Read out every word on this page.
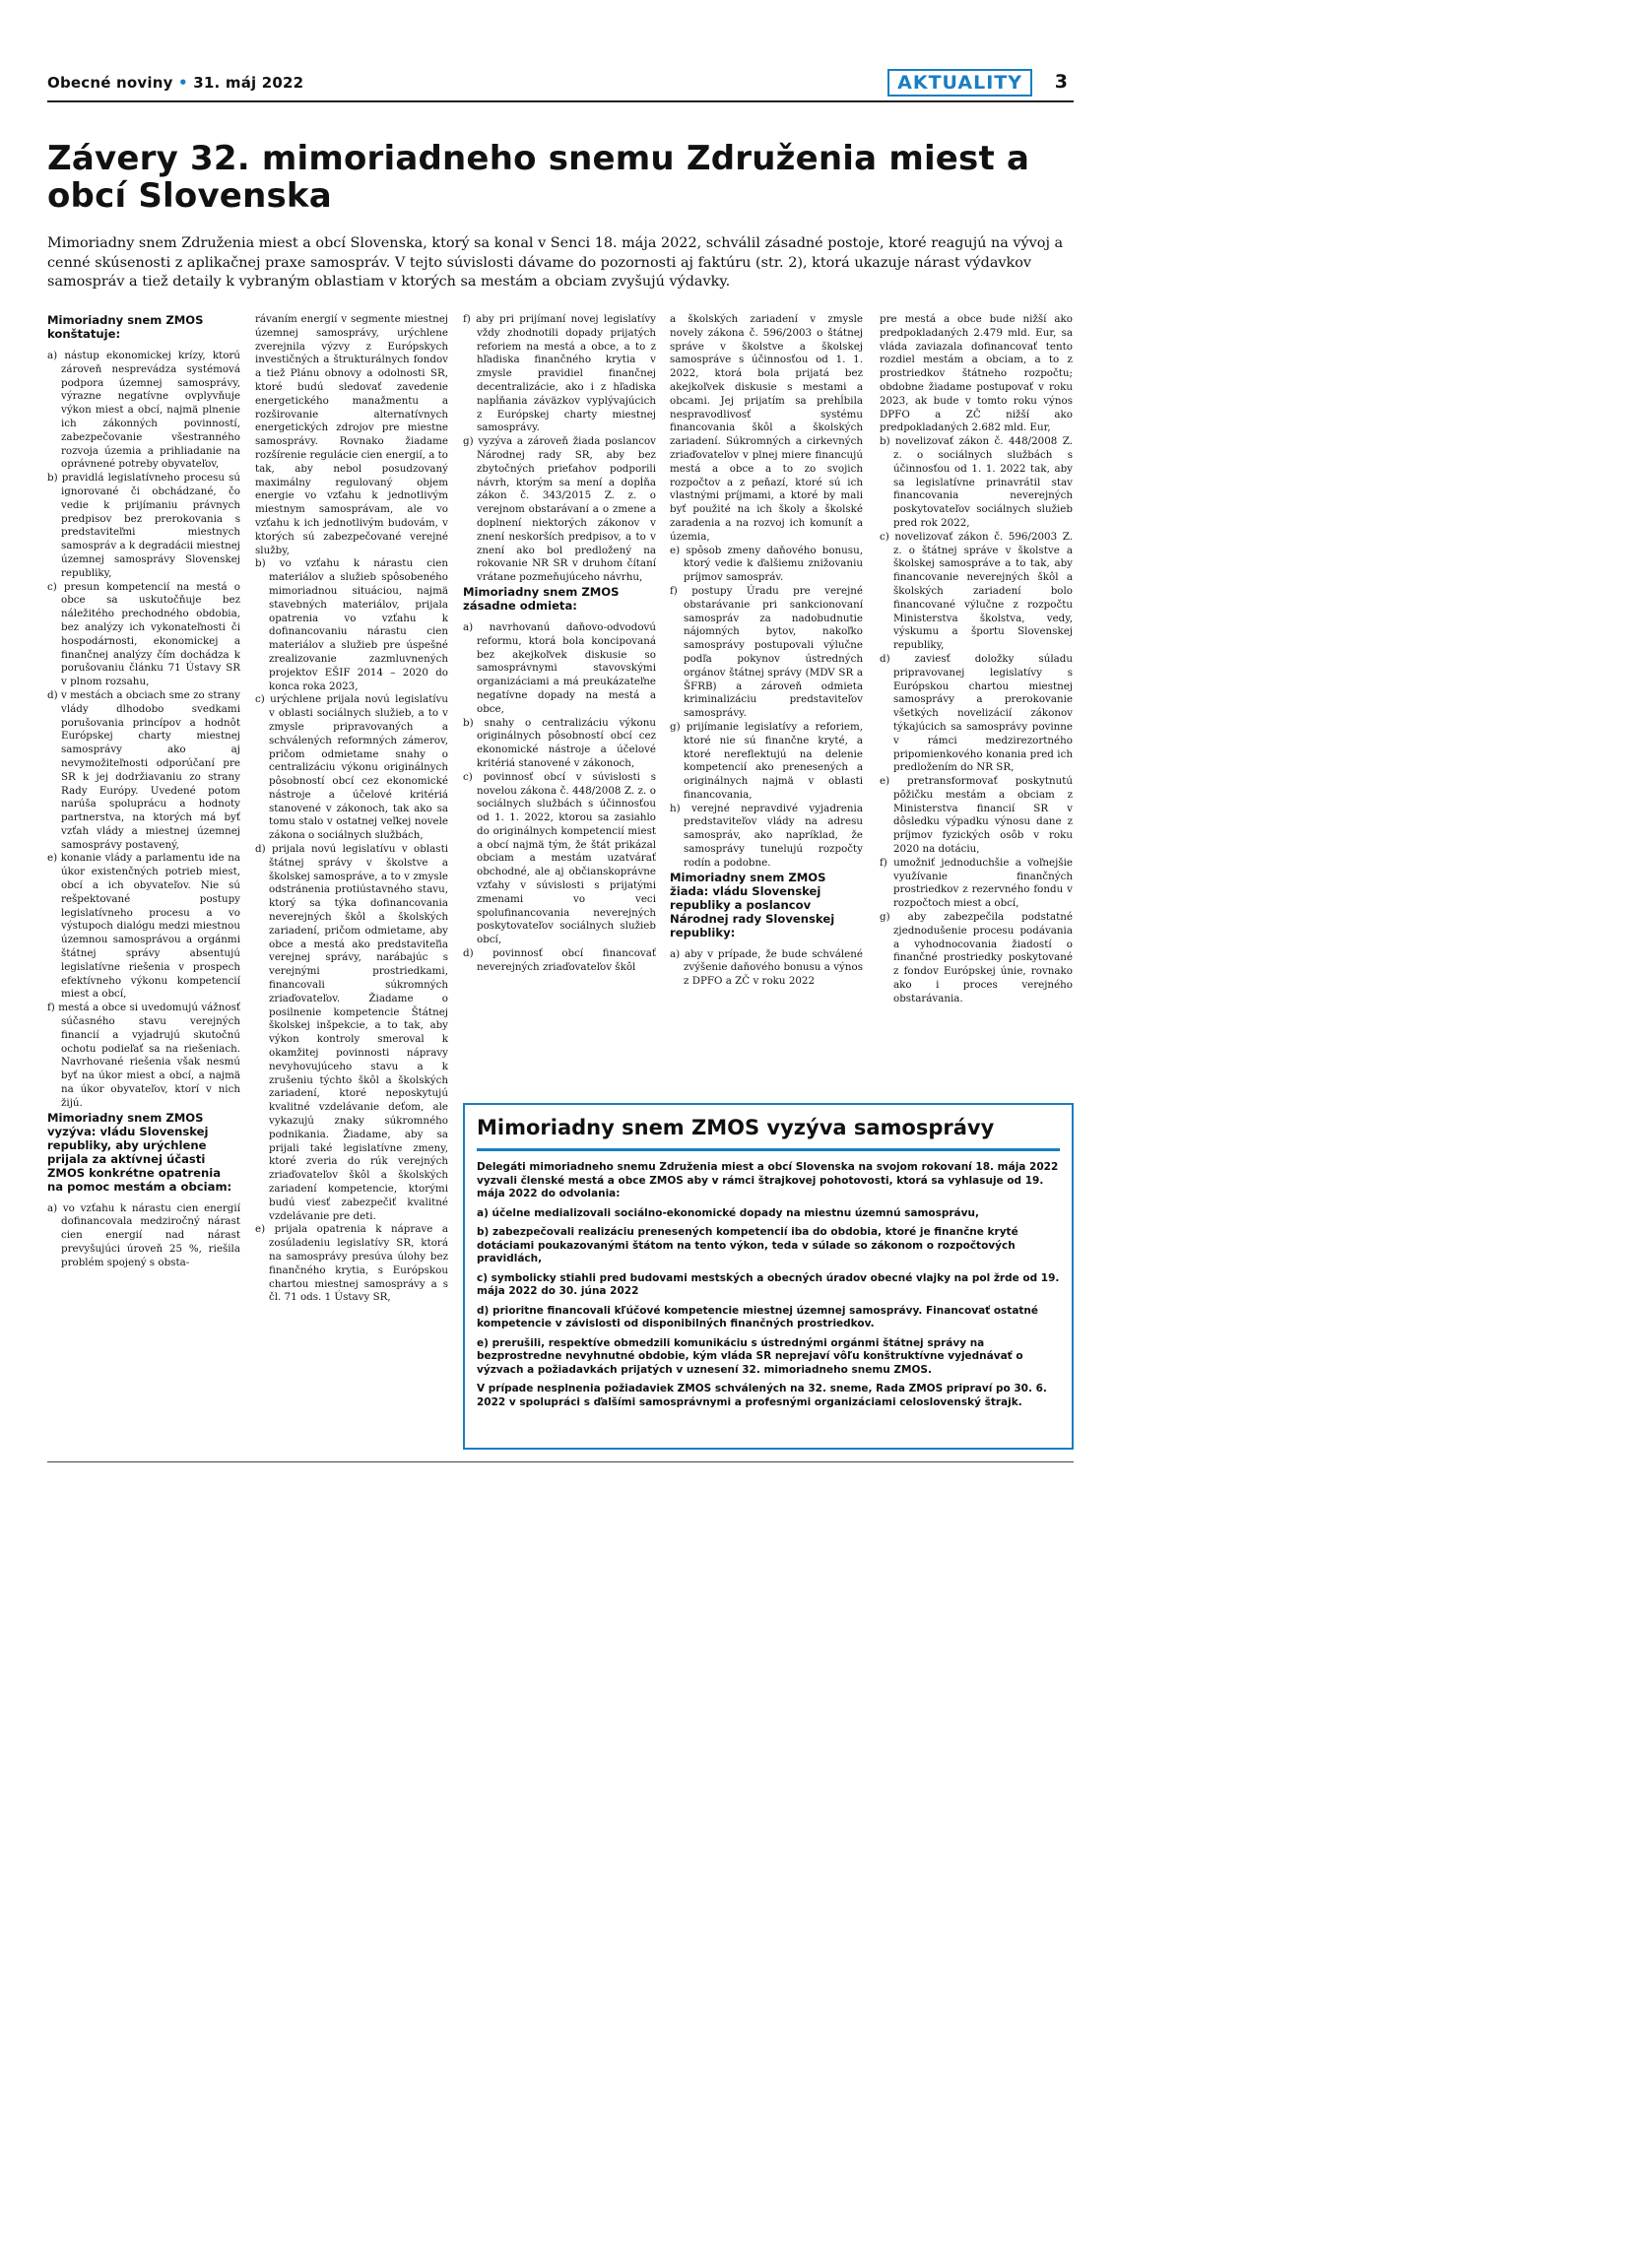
Obecné noviny • 31. máj 2022	AKTUALITY	3
Závery 32. mimoriadneho snemu Združenia miest a obcí Slovenska

Mimoriadny snem Združenia miest a obcí Slovenska, ktorý sa konal v Senci 18. mája 2022, schválil zásadné postoje, ktoré reagujú na vývoj a cenné skúsenosti z aplikačnej praxe samospráv. V tejto súvislosti dávame do pozornosti aj faktúru (str. 2), ktorá ukazuje nárast výdavkov samospráv a tiež detaily k vybraným oblastiam v ktorých sa mestám a obciam zvyšujú výdavky.

Mimoriadny snem ZMOS konštatuje:

a) nástup ekonomickej krízy, ktorú zároveň nesprevádza systémová podpora územnej samosprávy, výrazne negatívne ovplyvňuje výkon miest a obcí, najmä plnenie ich zákonných povinností, zabezpečovanie všestranného rozvoja územia a prihliadanie na oprávnené potreby obyvateľov,

b) pravidlá legislatívneho procesu sú ignorované či obchádzané, čo vedie k prijímaniu právnych predpisov bez prerokovania s predstaviteľmi miestnych samospráv a k degradácii miestnej územnej samosprávy Slovenskej republiky,

c) presun kompetencií na mestá o obce sa uskutočňuje bez náležitého prechodného obdobia, bez analýzy ich vykonateľnosti či hospodárnosti, ekonomickej a finančnej analýzy čím dochádza k porušovaniu článku 71 Ústavy SR v plnom rozsahu,

d) v mestách a obciach sme zo strany vlády dlhodobo svedkami porušovania princípov a hodnôt Európskej charty miestnej samosprávy ako aj nevymožiteľnosti odporúčaní pre SR k jej dodržiavaniu zo strany Rady Európy. Uvedené potom narúša spoluprácu a hodnoty partnerstva, na ktorých má byť vzťah vlády a miestnej územnej samosprávy postavený,

e) konanie vlády a parlamentu ide na úkor existenčných potrieb miest, obcí a ich obyvateľov. Nie sú rešpektované postupy legislatívneho procesu a vo výstupoch dialógu medzi miestnou územnou samosprávou a orgánmi štátnej správy absentujú legislatívne riešenia v prospech efektívneho výkonu kompetencií miest a obcí,

f) mestá a obce si uvedomujú vážnosť súčasného stavu verejných financií a vyjadrujú skutočnú ochotu podieľať sa na riešeniach. Navrhované riešenia však nesmú byť na úkor miest a obcí, a najmä na úkor obyvateľov, ktorí v nich žijú.

Mimoriadny snem ZMOS vyzýva: vládu Slovenskej republiky, aby urýchlene prijala za aktívnej účasti ZMOS konkrétne opatrenia na pomoc mestám a obciam:

a) vo vzťahu k nárastu cien energií dofinancovala medziročný nárast cien energií nad nárast prevyšujúci úroveň 25 %, riešila problém spojený s obsta-

rávaním energií v segmente miestnej územnej samosprávy, urýchlene zverejnila výzvy z Európskych investičných a štrukturálnych fondov a tiež Plánu obnovy a odolnosti SR, ktoré budú sledovať zavedenie energetického manažmentu a rozširovanie alternatívnych energetických zdrojov pre miestne samosprávy. Rovnako žiadame rozšírenie regulácie cien energií, a to tak, aby nebol posudzovaný maximálny regulovaný objem energie vo vzťahu k jednotlivým miestnym samosprávam, ale vo vzťahu k ich jednotlivým budovám, v ktorých sú zabezpečované verejné služby,

b) vo vzťahu k nárastu cien materiálov a služieb spôsobeného mimoriadnou situáciou, najmä stavebných materiálov, prijala opatrenia vo vzťahu k dofinancovaniu nárastu cien materiálov a služieb pre úspešné zrealizovanie zazmluvnených projektov EŠIF 2014 – 2020 do konca roka 2023,

c) urýchlene prijala novú legislatívu v oblasti sociálnych služieb, a to v zmysle pripravovaných a schválených reformných zámerov, pričom odmietame snahy o centralizáciu výkonu originálnych pôsobností obcí cez ekonomické nástroje a účelové kritériá stanovené v zákonoch, tak ako sa tomu stalo v ostatnej veľkej novele zákona o sociálnych službách,

d) prijala novú legislatívu v oblasti štátnej správy v školstve a školskej samospráve, a to v zmysle odstránenia protiústavného stavu, ktorý sa týka dofinancovania neverejných škôl a školských zariadení, pričom odmietame, aby obce a mestá ako predstaviteľia verejnej správy, narábajúc s verejnými prostriedkami, financovali súkromných zriaďovateľov. Žiadame o posilnenie kompetencie Štátnej školskej inšpekcie, a to tak, aby výkon kontroly smeroval k okamžitej povinnosti nápravy nevyhovujúceho stavu a k zrušeniu týchto škôl a školských zariadení, ktoré neposkytujú kvalitné vzdelávanie deťom, ale vykazujú znaky súkromného podnikania. Žiadame, aby sa prijali také legislatívne zmeny, ktoré zveria do rúk verejných zriaďovateľov škôl a školských zariadení kompetencie, ktorými budú viesť zabezpečiť kvalitné vzdelávanie pre deti.

e) prijala opatrenia k náprave a zosúladeniu legislatívy SR, ktorá na samosprávy presúva úlohy bez finančného krytia, s Európskou chartou miestnej samosprávy a s čl. 71 ods. 1 Ústavy SR,

f) aby pri prijímaní novej legislatívy vždy zhodnotili dopady prijatých reforiem na mestá a obce, a to z hľadiska finančného krytia v zmysle pravidiel finančnej decentralizácie, ako i z hľadiska napĺňania záväzkov vyplývajúcich z Európskej charty miestnej samosprávy.

g) vyzýva a zároveň žiada poslancov Národnej rady SR, aby bez zbytočných prieťahov podporili návrh, ktorým sa mení a dopĺňa zákon č. 343/2015 Z. z. o verejnom obstarávaní a o zmene a doplnení niektorých zákonov v znení neskorších predpisov, a to v znení ako bol predložený na rokovanie NR SR v druhom čítaní vrátane pozmeňujúceho návrhu,

Mimoriadny snem ZMOS zásadne odmieta:

a) navrhovanú daňovo-odvodovú reformu, ktorá bola koncipovaná bez akejkoľvek diskusie so samosprávnymi stavovskými organizáciami a má preukázateľne negatívne dopady na mestá a obce,

b) snahy o centralizáciu výkonu originálnych pôsobností obcí cez ekonomické nástroje a účelové kritériá stanovené v zákonoch,

c) povinnosť obcí v súvislosti s novelou zákona č. 448/2008 Z. z. o sociálnych službách s účinnosťou od 1. 1. 2022, ktorou sa zasiahlo do originálnych kompetencií miest a obcí najmä tým, že štát prikázal obciam a mestám uzatvárať obchodné, ale aj občianskoprávne vzťahy v súvislosti s prijatými zmenami vo veci spolufinancovania neverejných poskytovateľov sociálnych služieb obcí,

d) povinnosť obcí financovať neverejných zriaďovateľov škôl

a školských zariadení v zmysle novely zákona č. 596/2003 o štátnej správe v školstve a školskej samospráve s účinnosťou od 1. 1. 2022, ktorá bola prijatá bez akejkoľvek diskusie s mestami a obcami. Jej prijatím sa prehĺbila nespravodlivosť systému financovania škôl a školských zariadení. Súkromných a cirkevných zriaďovateľov v plnej miere financujú mestá a obce a to zo svojich rozpočtov a z peňazí, ktoré sú ich vlastnými príjmami, a ktoré by mali byť použité na ich školy a školské zaradenia a na rozvoj ich komunít a územia,

e) spôsob zmeny daňového bonusu, ktorý vedie k ďalšiemu znižovaniu príjmov samospráv.

f) postupy Úradu pre verejné obstarávanie pri sankcionovaní samospráv za nadobudnutie nájomných bytov, nakoľko samosprávy postupovali výlučne podľa pokynov ústredných orgánov štátnej správy (MDV SR a ŠFRB) a zároveň odmieta kriminalizáciu predstaviteľov samosprávy.

g) prijímanie legislatívy a reforiem, ktoré nie sú finančne kryté, a ktoré nereflektujú na delenie kompetencií ako prenesených a originálnych najmä v oblasti financovania,

h) verejné nepravdivé vyjadrenia predstaviteľov vlády na adresu samospráv, ako napríklad, že samosprávy tunelujú rozpočty rodín a podobne.

Mimoriadny snem ZMOS žiada: vládu Slovenskej republiky a poslancov Národnej rady Slovenskej republiky:

a) aby v prípade, že bude schválené zvýšenie daňového bonusu a výnos z DPFO a ZČ v roku 2022

pre mestá a obce bude nižší ako predpokladaných 2.479 mld. Eur, sa vláda zaviazala dofinancovať tento rozdiel mestám a obciam, a to z prostriedkov štátneho rozpočtu; obdobne žiadame postupovať v roku 2023, ak bude v tomto roku výnos DPFO a ZČ nižší ako predpokladaných 2.682 mld. Eur,

b) novelizovať zákon č. 448/2008 Z. z. o sociálnych službách s účinnosťou od 1. 1. 2022 tak, aby sa legislatívne prinavrátil stav financovania neverejných poskytovateľov sociálnych služieb pred rok 2022,

c) novelizovať zákon č. 596/2003 Z. z. o štátnej správe v školstve a školskej samospráve a to tak, aby financovanie neverejných škôl a školských zariadení bolo financované výlučne z rozpočtu Ministerstva školstva, vedy, výskumu a športu Slovenskej republiky,

d) zaviesť doložky súladu pripravovanej legislatívy s Európskou chartou miestnej samosprávy a prerokovanie všetkých novelizácií zákonov týkajúcich sa samosprávy povinne v rámci medzirezortného pripomienkového konania pred ich predložením do NR SR,

e) pretransformovať poskytnutú pôžičku mestám a obciam z Ministerstva financií SR v dôsledku výpadku výnosu dane z príjmov fyzických osôb v roku 2020 na dotáciu,

f) umožniť jednoduchšie a voľnejšie využívanie finančných prostriedkov z rezervného fondu v rozpočtoch miest a obcí,

g) aby zabezpečila podstatné zjednodušenie procesu podávania a vyhodnocovania žiadostí o finančné prostriedky poskytované z fondov Európskej únie, rovnako ako i proces verejného obstarávania.

Mimoriadny snem ZMOS vyzýva samosprávy

Delegáti mimoriadneho snemu Združenia miest a obcí Slovenska na svojom rokovaní 18. mája 2022 vyzvali členské mestá a obce ZMOS aby v rámci štrajkovej pohotovosti, ktorá sa vyhlasuje od 19. mája 2022 do odvolania:

a) účelne medializovali sociálno-ekonomické dopady na miestnu územnú samosprávu,

b) zabezpečovali realizáciu prenesených kompetencií iba do obdobia, ktoré je finančne kryté dotáciami poukazovanými štátom na tento výkon, teda v súlade so zákonom o rozpočtových pravidlách,

c) symbolicky stiahli pred budovami mestských a obecných úradov obecné vlajky na pol žrde od 19. mája 2022 do 30. júna 2022

d) prioritne financovali kľúčové kompetencie miestnej územnej samosprávy. Financovať ostatné kompetencie v závislosti od disponibilných finančných prostriedkov.

e) prerušili, respektíve obmedzili komunikáciu s ústrednými orgánmi štátnej správy na bezprostredne nevyhnutné obdobie, kým vláda SR neprejaví vôľu konštruktívne vyjednávať o výzvach a požiadavkách prijatých v uznesení 32. mimoriadneho snemu ZMOS.

V prípade nesplnenia požiadaviek ZMOS schválených na 32. sneme, Rada ZMOS pripraví po 30. 6. 2022 v spolupráci s ďalšími samosprávnymi a profesnými organizáciami celoslovenský štrajk.
